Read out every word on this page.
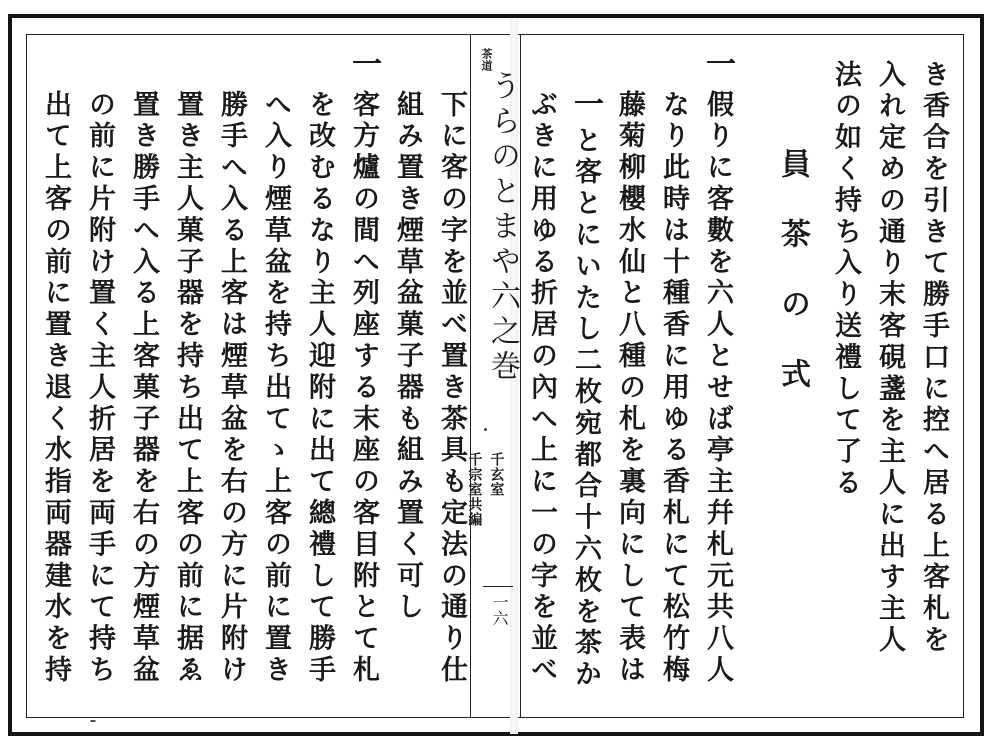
き香合を引きて勝手口に控へ居る上客札を
入れ定めの通り末客硯盞を主人に出す主人
法の如く持ち入り送禮して了る
員茶の式
一
假りに客數を六人とせば亭主幷札元共八人
なり此時は十種香に用ゆる香札にて松竹梅
藤菊柳櫻水仙と八種の札を裏向にして表は
一
と客とにいたし二枚宛都合十六枚を茶か
ぶきに用ゆる折居の內へ上に一の字を並べ
茶道
うらのとまや六之巻
千玄室
千宗室共編
一六
下に客の字を並べ置き茶具も定法の通り仕
組み置き煙草盆菓子器も組み置く可し
一
客方爐の間へ列座する末座の客目附とて札
を改むるなり主人迎附に出て總禮して勝手
へ入り煙草盆を持ち出てゝ上客の前に置き
勝手へ入る上客は煙草盆を右の方に片附け
置き主人菓子器を持ち出て上客の前に据ゑ
置き勝手へ入る上客菓子器を右の方煙草盆
の前に片附け置く主人折居を両手にて持ち
出て上客の前に置き退く水指両器建水を持
